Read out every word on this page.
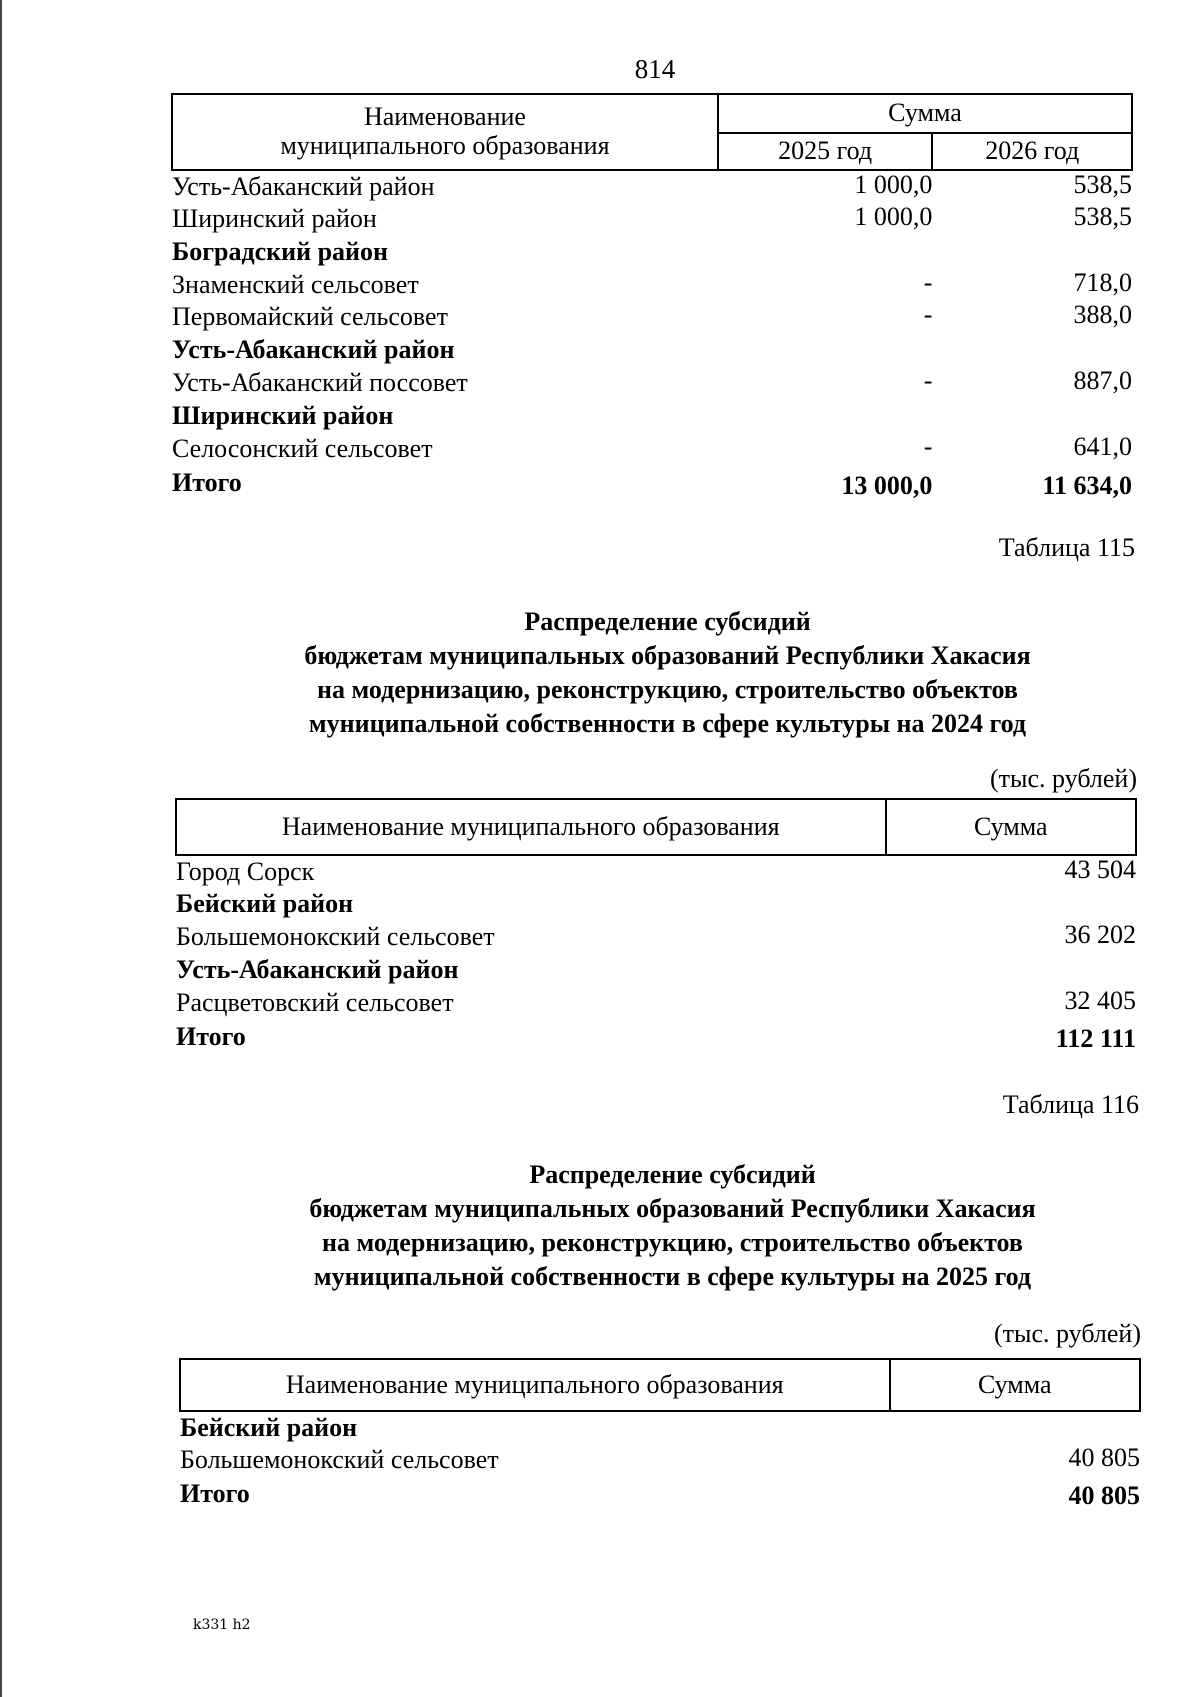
814
Наименование
муниципального образования	Сумма	
	2025 год	2026 год
Усть-Абаканский район	1 000,0	538,5
Ширинский район	1 000,0	538,5
Боградский район		
Знаменский сельсовет	-	718,0
Первомайский сельсовет	-	388,0
Усть-Абаканский район		
Усть-Абаканский поссовет	-	887,0
Ширинский район		
Селосонский сельсовет	-	641,0
Итого	13 000,0	11 634,0
Таблица 115
Распределение субсидий
бюджетам муниципальных образований Республики Хакасия
на модернизацию, реконструкцию, строительство объектов
муниципальной собственности в сфере культуры на 2024 год
(тыс. рублей)
Наименование муниципального образования	Сумма
Город Сорск	43 504
Бейский район	
Большемонокский сельсовет	36 202
Усть-Абаканский район	
Расцветовский сельсовет	32 405
Итого	112 111
Таблица 116
Распределение субсидий
бюджетам муниципальных образований Республики Хакасия
на модернизацию, реконструкцию, строительство объектов
муниципальной собственности в сфере культуры на 2025 год
(тыс. рублей)
Наименование муниципального образования	Сумма
Бейский район	
Большемонокский сельсовет	40 805
Итого	40 805
k331 h2
